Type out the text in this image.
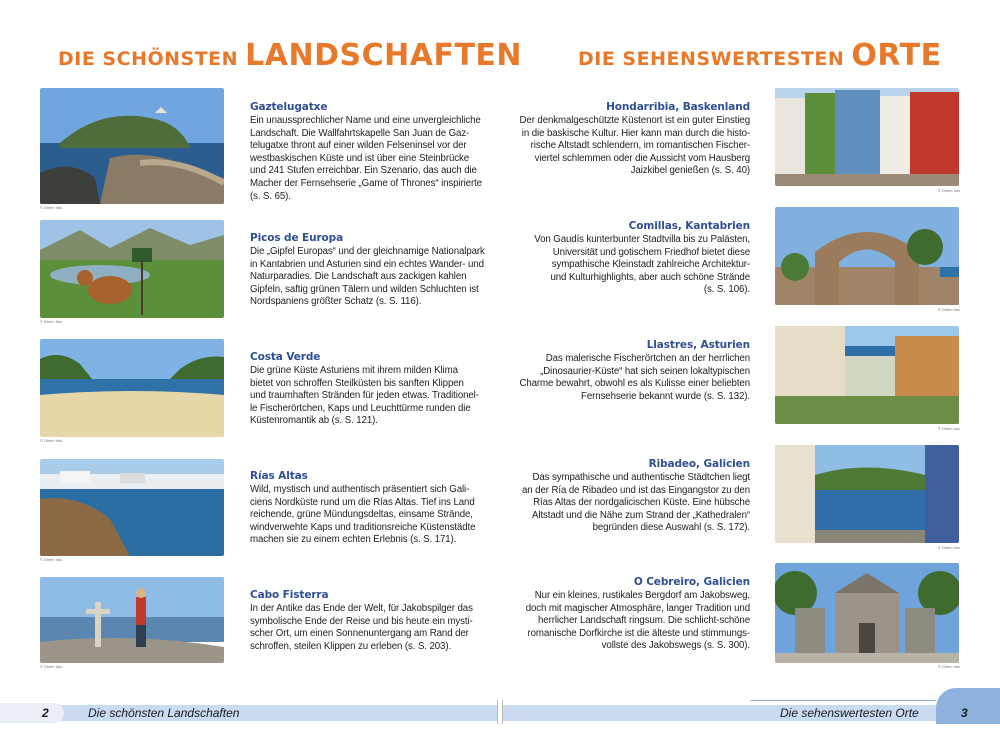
DIE SCHÖNSTEN LANDSCHAFTEN	DIE SEHENSWERTESTEN ORTE
© Dhein fotu
Gaztelugatxe
Ein unaussprechlicher Name und eine unvergleichliche
Landschaft. Die Wallfahrtskapelle San Juan de Gaz-
telugatxe thront auf einer wilden Felseninsel vor der
westbaskischen Küste und ist über eine Steinbrücke
und 241 Stufen erreichbar. Ein Szenario, das auch die
Macher der Fernsehserie „Game of Thrones“ inspirierte
(s. S. 65).
© Dhein fotu
Picos de Europa
Die „Gipfel Europas“ und der gleichnamige Nationalpark
in Kantabrien und Asturien sind ein echtes Wander- und
Naturparadies. Die Landschaft aus zackigen kahlen
Gipfeln, saftig grünen Tälern und wilden Schluchten ist
Nordspaniens größter Schatz (s. S. 116).
© Dhein fotu
Costa Verde
Die grüne Küste Asturiens mit ihrem milden Klima
bietet von schroffen Steilküsten bis sanften Klippen
und traumhaften Stränden für jeden etwas. Traditionel-
le Fischerörtchen, Kaps und Leuchttürme runden die
Küstenromantik ab (s. S. 121).
© Dhein fotu
Rías Altas
Wild, mystisch und authentisch präsentiert sich Gali-
ciens Nordküste rund um die Rías Altas. Tief ins Land
reichende, grüne Mündungsdeltas, einsame Strände,
windverwehte Kaps und traditionsreiche Küstenstädte
machen sie zu einem echten Erlebnis (s. S. 171).
© Dhein fotu
Cabo Fisterra
In der Antike das Ende der Welt, für Jakobspilger das
symbolische Ende der Reise und bis heute ein mysti-
scher Ort, um einen Sonnenuntergang am Rand der
schroffen, steilen Klippen zu erleben (s. S. 203).
Hondarribia, Baskenland
Der denkmalgeschützte Küstenort ist ein guter Einstieg
in die baskische Kultur. Hier kann man durch die histo-
rische Altstadt schlendern, im romantischen Fischer-
viertel schlemmen oder die Aussicht vom Hausberg
Jaizkibel genießen (s. S. 40)
© Dhein fotu
Comillas, Kantabrien
Von Gaudís kunterbunter Stadtvilla bis zu Palästen,
Universität und gotischem Friedhof bietet diese
sympathische Kleinstadt zahlreiche Architektur-
und Kulturhighlights, aber auch schöne Strände
(s. S. 106).
© Dhein fotu
Llastres, Asturien
Das malerische Fischerörtchen an der herrlichen
„Dinosaurier-Küste“ hat sich seinen lokaltypischen
Charme bewahrt, obwohl es als Kulisse einer beliebten
Fernsehserie bekannt wurde (s. S. 132).
© Dhein fotu
Ribadeo, Galicien
Das sympathische und authentische Städtchen liegt
an der Ría de Ribadeo und ist das Eingangstor zu den
Rías Altas der nordgalicischen Küste. Eine hübsche
Altstadt und die Nähe zum Strand der „Kathedralen“
begründen diese Auswahl (s. S. 172).
© Dhein fotu
O Cebreiro, Galicien
Nur ein kleines, rustikales Bergdorf am Jakobsweg,
doch mit magischer Atmosphäre, langer Tradition und
herrlicher Landschaft ringsum. Die schlicht-schöne
romanische Dorfkirche ist die älteste und stimmungs-
vollste des Jakobswegs (s. S. 300).
© Dhein fotu
2	Die schönsten Landschaften	Die sehenswertesten Orte	3
